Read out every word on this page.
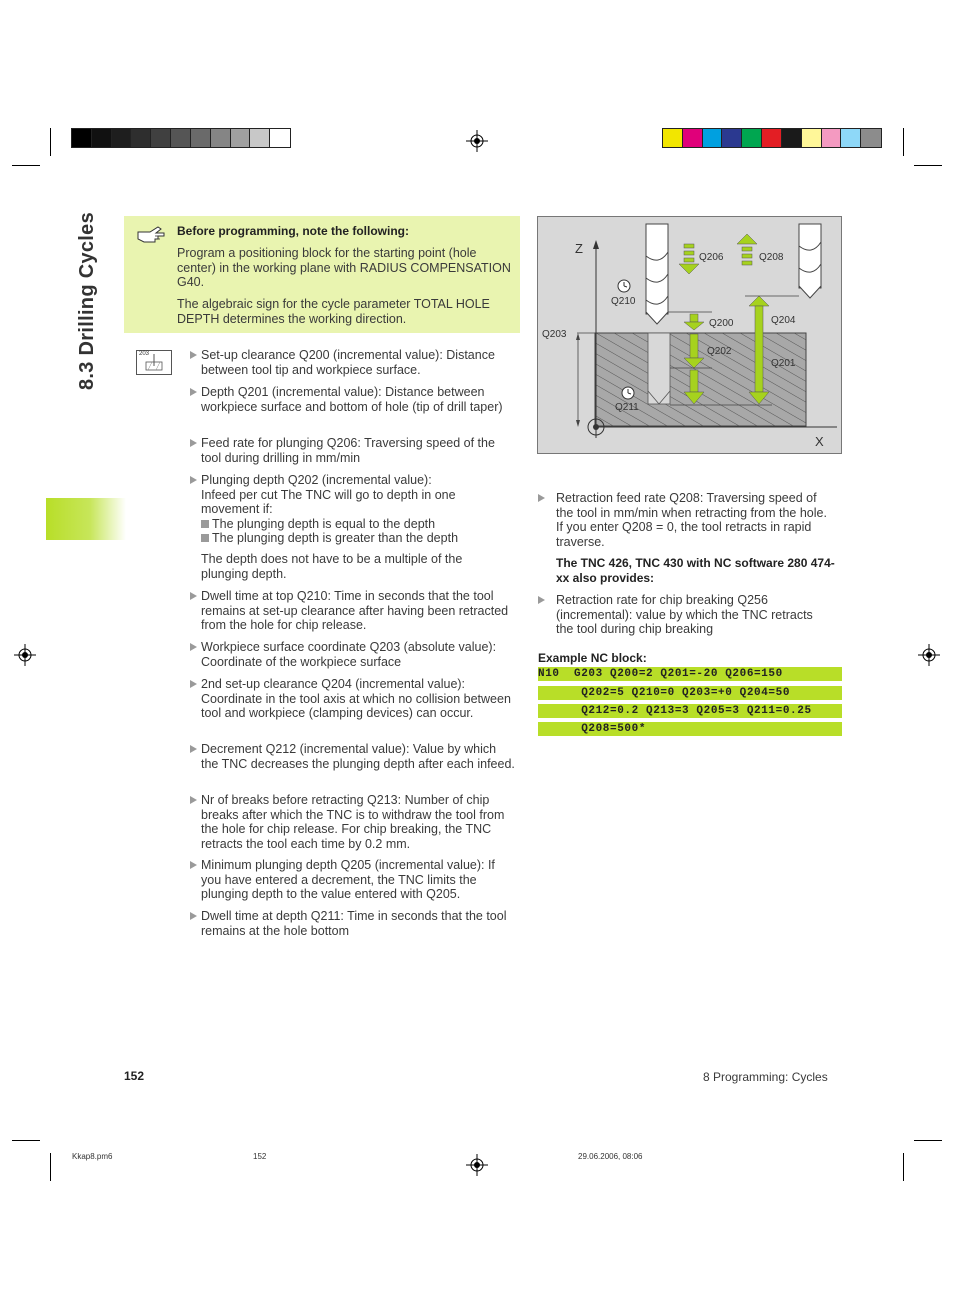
8.3 Drilling Cycles	Before programming, note the following:
Program a positioning block for the starting point (hole center) in the working plane with RADIUS COMPENSATION G40.
The algebraic sign for the cycle parameter TOTAL HOLE DEPTH determines the working direction.
203	Set-up clearance Q200 (incremental value): Distance between tool tip and workpiece surface.
Depth Q201 (incremental value): Distance between workpiece surface and bottom of hole (tip of drill taper)
Feed rate for plunging Q206: Traversing speed of the tool during drilling in mm/min
Plunging depth Q202 (incremental value):
Infeed per cut The TNC will go to depth in one movement if:
The plunging depth is equal to the depth
The plunging depth is greater than the depth
The depth does not have to be a multiple of the plunging depth.
Dwell time at top Q210: Time in seconds that the tool remains at set-up clearance after having been retracted from the hole for chip release.
Workpiece surface coordinate Q203 (absolute value): Coordinate of the workpiece surface
2nd set-up clearance Q204 (incremental value): Coordinate in the tool axis at which no collision between tool and workpiece (clamping devices) can occur.
Decrement Q212 (incremental value): Value by which the TNC decreases the plunging depth after each infeed.
Nr of breaks before retracting Q213: Number of chip breaks after which the TNC is to withdraw the tool from the hole for chip release. For chip breaking, the TNC retracts the tool each time by 0.2 mm.
Minimum plunging depth Q205 (incremental value): If you have entered a decrement, the TNC limits the plunging depth to the value entered with Q205.
Dwell time at depth Q211: Time in seconds that the tool remains at the hole bottom
Z
X
Q203
Q206	Q208
Q210
Q200
Q202
Q204
Q201
Q211
Retraction feed rate Q208: Traversing speed of the tool in mm/min when retracting from the hole. If you enter Q208 = 0, the tool retracts in rapid traverse.
The TNC 426, TNC 430 with NC software 280 474-xx also provides:
Retraction rate for chip breaking Q256 (incremental): value by which the TNC retracts the tool during chip breaking
Example NC block:
N10  G203 Q200=2 Q201=-20 Q206=150
Q202=5 Q210=0 Q203=+0 Q204=50
Q212=0.2 Q213=3 Q205=3 Q211=0.25
Q208=500*
152	8 Programming: Cycles
Kkap8.pm6	152	29.06.2006, 08:06
